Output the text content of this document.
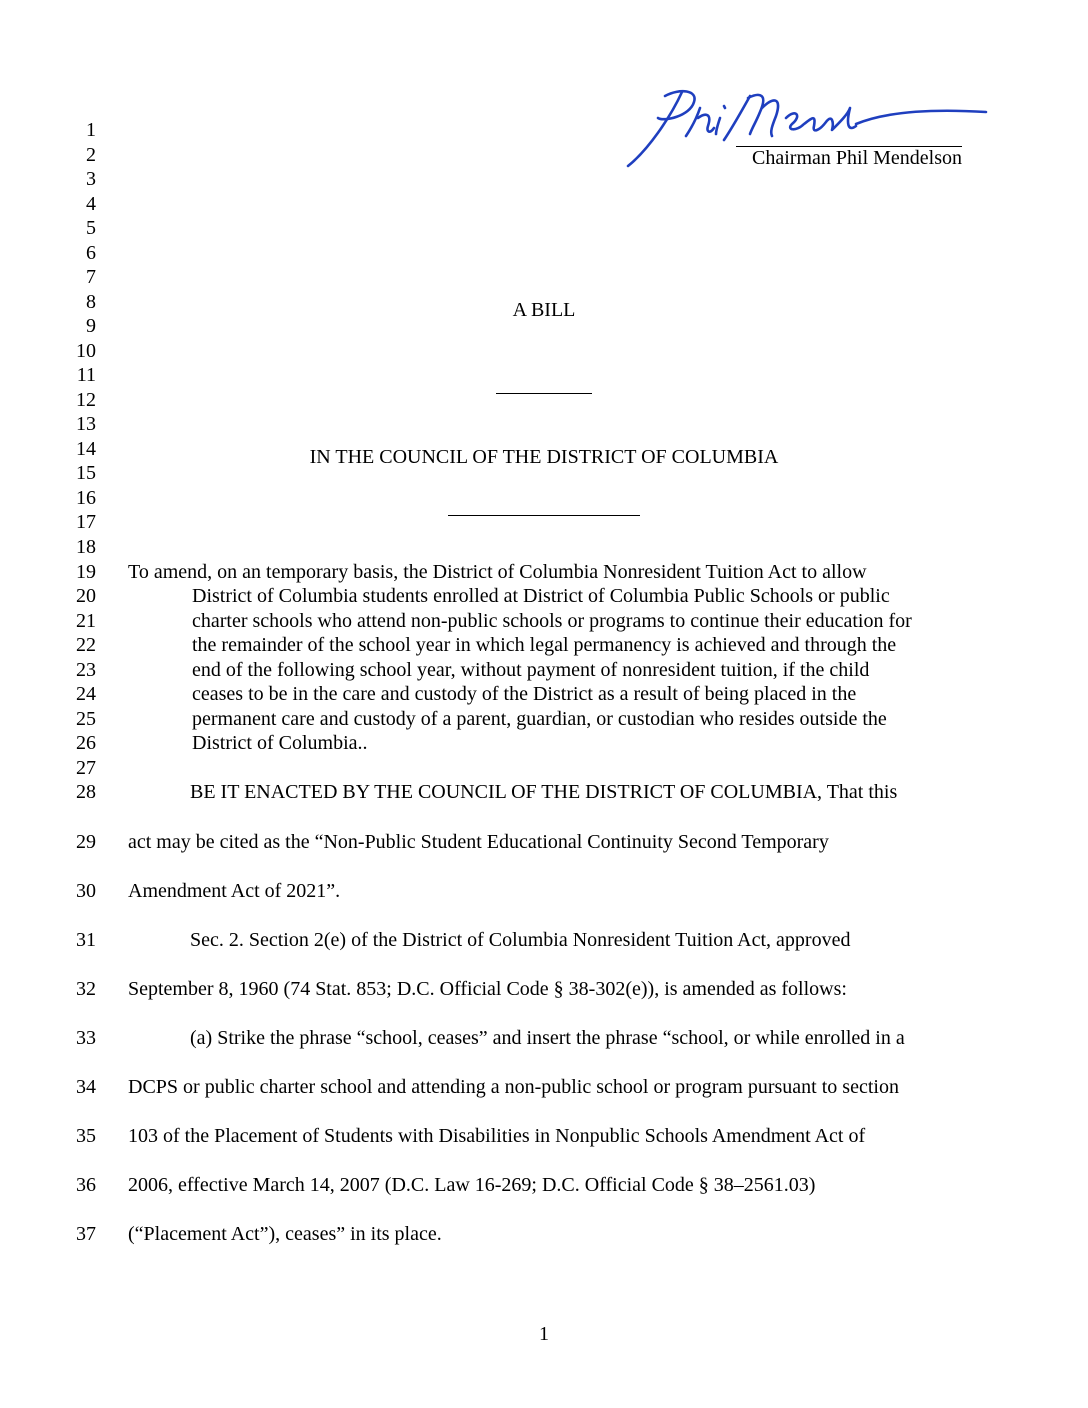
Chairman Phil Mendelson
1
2
3
4
5
6
7
8
9
10
11
12
13
14
15
16
17
18
19
20
21
22
23
24
25
26
27
28
29
30
31
32
33
34
35
36
37
A BILL
IN THE COUNCIL OF THE DISTRICT OF COLUMBIA
To amend, on an temporary basis, the District of Columbia Nonresident Tuition Act to allow
District of Columbia students enrolled at District of Columbia Public Schools or public
charter schools who attend non-public schools or programs to continue their education for
the remainder of the school year in which legal permanency is achieved and through the
end of the following school year, without payment of nonresident tuition, if the child
ceases to be in the care and custody of the District as a result of being placed in the
permanent care and custody of a parent, guardian, or custodian who resides outside the
District of Columbia..
BE IT ENACTED BY THE COUNCIL OF THE DISTRICT OF COLUMBIA, That this
act may be cited as the “Non-Public Student Educational Continuity Second Temporary
Amendment Act of 2021”.
Sec. 2. Section 2(e) of the District of Columbia Nonresident Tuition Act, approved
September 8, 1960 (74 Stat. 853; D.C. Official Code § 38-302(e)), is amended as follows:
(a) Strike the phrase “school, ceases” and insert the phrase “school, or while enrolled in a
DCPS or public charter school and attending a non-public school or program pursuant to section
103 of the Placement of Students with Disabilities in Nonpublic Schools Amendment Act of
2006, effective March 14, 2007 (D.C. Law 16-269; D.C. Official Code § 38–2561.03)
(“Placement Act”), ceases” in its place.
1
